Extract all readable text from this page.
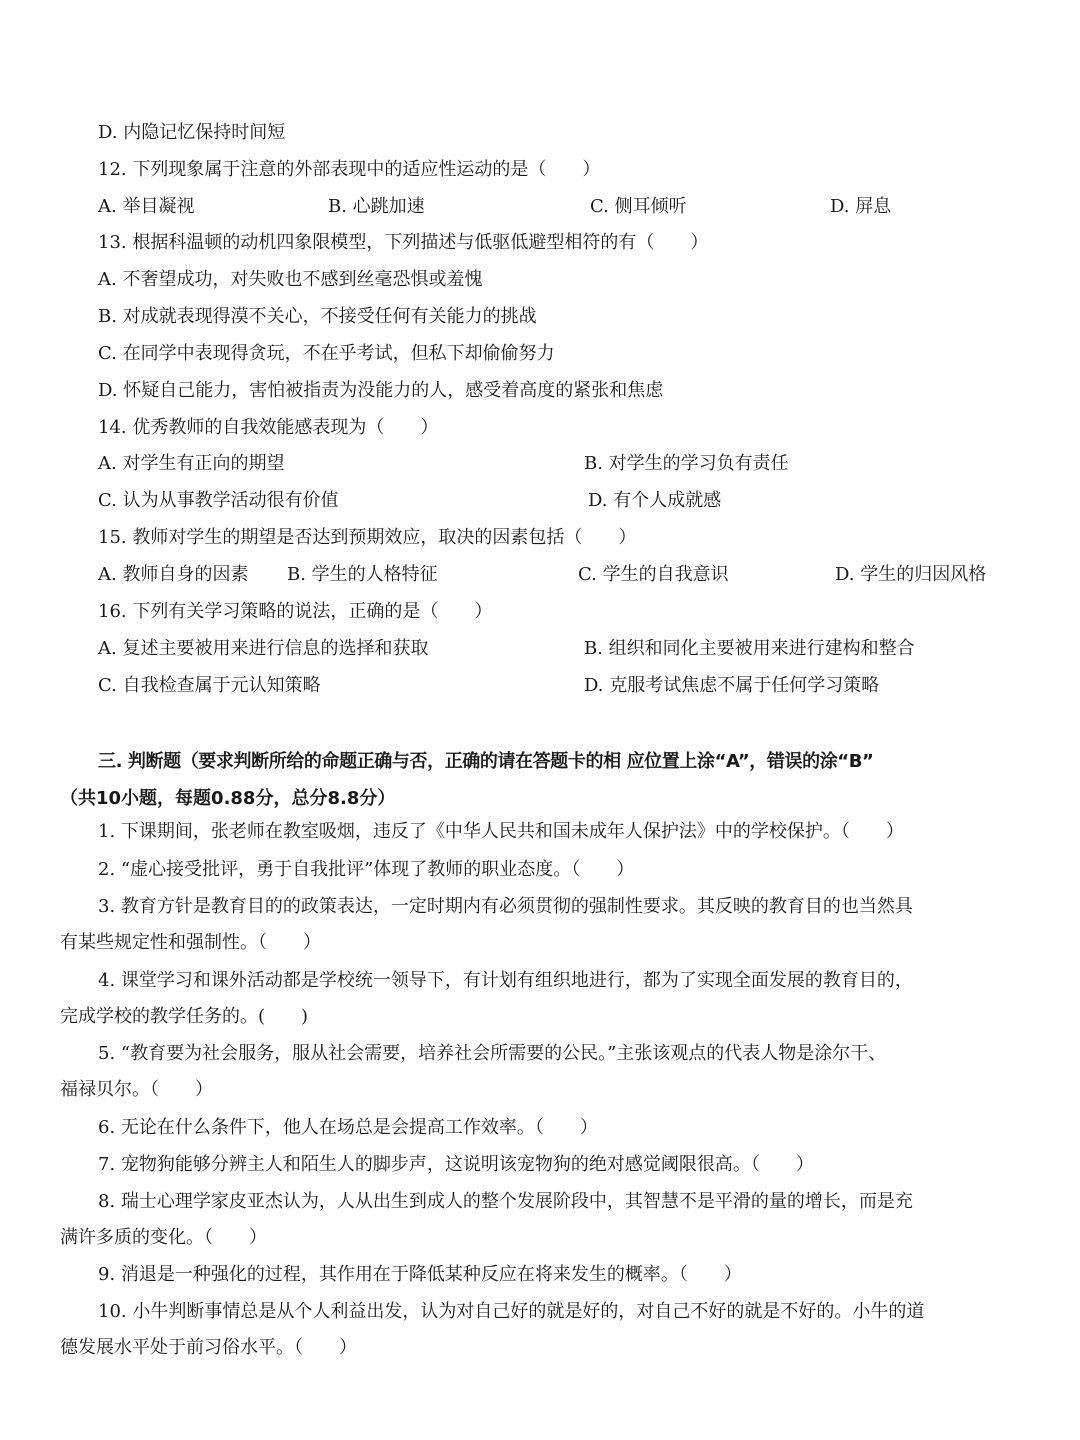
D. 内隐记忆保持时间短
12. 下列现象属于注意的外部表现中的适应性运动的是（　　）
A. 举目凝视	B. 心跳加速	C. 侧耳倾听	D. 屏息
13. 根据科温顿的动机四象限模型，下列描述与低驱低避型相符的有（　　）
A. 不奢望成功，对失败也不感到丝毫恐惧或羞愧
B. 对成就表现得漠不关心，不接受任何有关能力的挑战
C. 在同学中表现得贪玩，不在乎考试，但私下却偷偷努力
D. 怀疑自己能力，害怕被指责为没能力的人，感受着高度的紧张和焦虑
14. 优秀教师的自我效能感表现为（　　）
A. 对学生有正向的期望	B. 对学生的学习负有责任
C. 认为从事教学活动很有价值	D. 有个人成就感
15. 教师对学生的期望是否达到预期效应，取决的因素包括（　　）
A. 教师自身的因素 B. 学生的人格特征	C. 学生的自我意识	D. 学生的归因风格
16. 下列有关学习策略的说法，正确的是（　　）
A. 复述主要被用来进行信息的选择和获取	B. 组织和同化主要被用来进行建构和整合
C. 自我检查属于元认知策略	D. 克服考试焦虑不属于任何学习策略
三. 判断题（要求判断所给的命题正确与否，正确的请在答题卡的相 应位置上涂“A”，错误的涂“B”
（共10小题，每题0.88分，总分8.8分）
1. 下课期间，张老师在教室吸烟，违反了《中华人民共和国未成年人保护法》中的学校保护。（　　）
2. “虚心接受批评，勇于自我批评”体现了教师的职业态度。（　　）
3. 教育方针是教育目的的政策表达，一定时期内有必须贯彻的强制性要求。其反映的教育目的也当然具
有某些规定性和强制性。（　　）
4. 课堂学习和课外活动都是学校统一领导下，有计划有组织地进行，都为了实现全面发展的教育目的，
完成学校的教学任务的。(　　)
5. “教育要为社会服务，服从社会需要，培养社会所需要的公民。”主张该观点的代表人物是涂尔干、
福禄贝尔。（　　）
6. 无论在什么条件下，他人在场总是会提高工作效率。（　　）
7. 宠物狗能够分辨主人和陌生人的脚步声，这说明该宠物狗的绝对感觉阈限很高。（　　）
8. 瑞士心理学家皮亚杰认为，人从出生到成人的整个发展阶段中，其智慧不是平滑的量的增长，而是充
满许多质的变化。（　　）
9. 消退是一种强化的过程，其作用在于降低某种反应在将来发生的概率。（　　）
10. 小牛判断事情总是从个人利益出发，认为对自己好的就是好的，对自己不好的就是不好的。小牛的道
德发展水平处于前习俗水平。（　　）
